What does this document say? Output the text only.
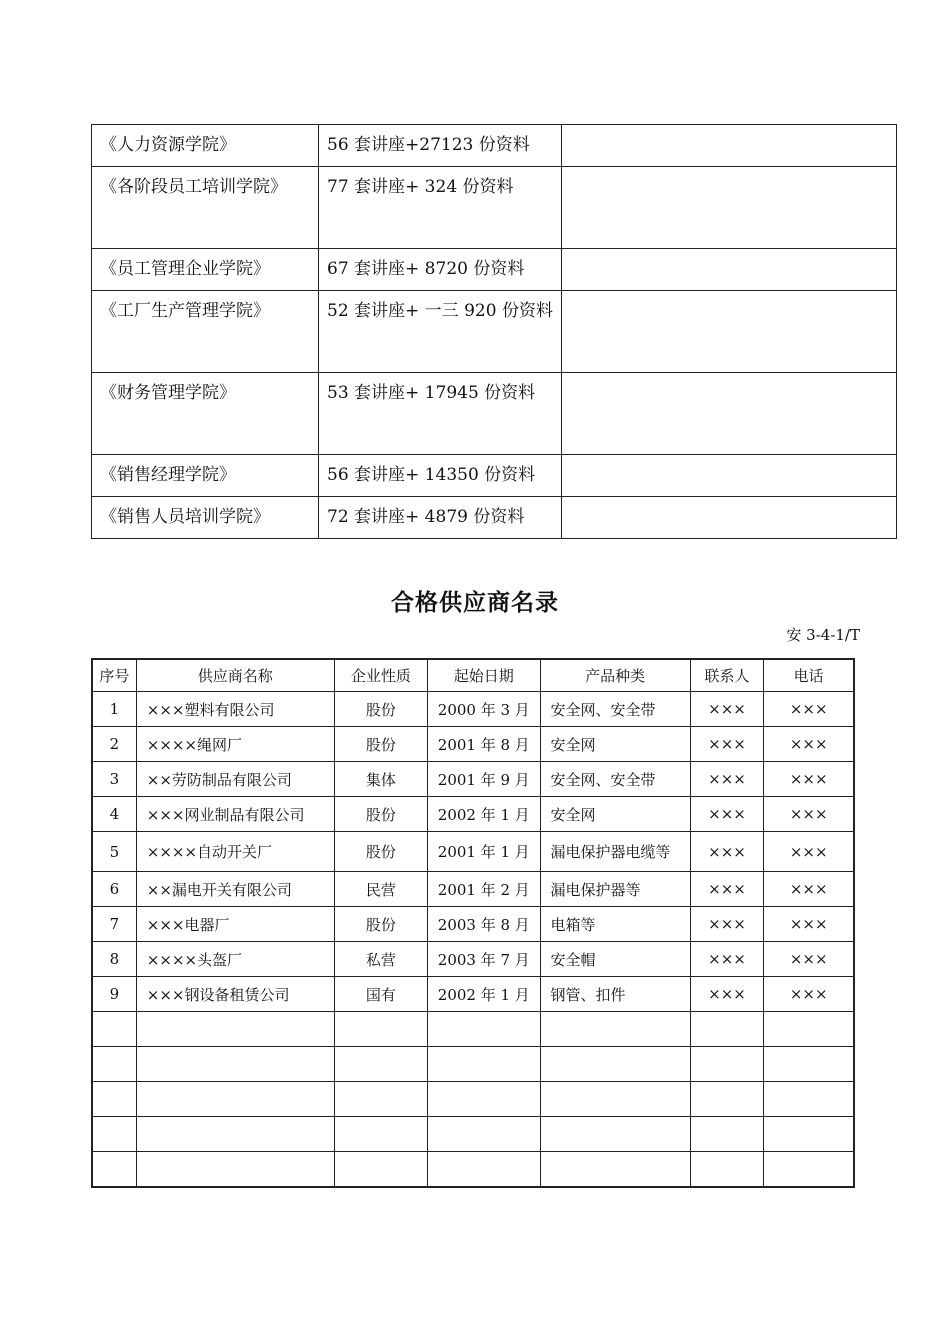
《人力资源学院》	56 套讲座+27123 份资料	
《各阶段员工培训学院》	77 套讲座+ 324 份资料	
《员工管理企业学院》	67 套讲座+ 8720 份资料	
《工厂生产管理学院》	52 套讲座+ 一三 920 份资料	
《财务管理学院》	53 套讲座+ 17945 份资料	
《销售经理学院》	56 套讲座+ 14350 份资料	
《销售人员培训学院》	72 套讲座+ 4879 份资料	
合格供应商名录
安 3-4-1/T
序号	供应商名称	企业性质	起始日期	产品种类	联系人	电话
1	×××塑料有限公司	股份	2000 年 3 月	安全网、安全带	×××	×××
2	××××绳网厂	股份	2001 年 8 月	安全网	×××	×××
3	××劳防制品有限公司	集体	2001 年 9 月	安全网、安全带	×××	×××
4	×××网业制品有限公司	股份	2002 年 1 月	安全网	×××	×××
5	××××自动开关厂	股份	2001 年 1 月	漏电保护器电缆等	×××	×××
6	××漏电开关有限公司	民营	2001 年 2 月	漏电保护器等	×××	×××
7	×××电器厂	股份	2003 年 8 月	电箱等	×××	×××
8	××××头盔厂	私营	2003 年 7 月	安全帽	×××	×××
9	×××钢设备租赁公司	国有	2002 年 1 月	钢管、扣件	×××	×××
